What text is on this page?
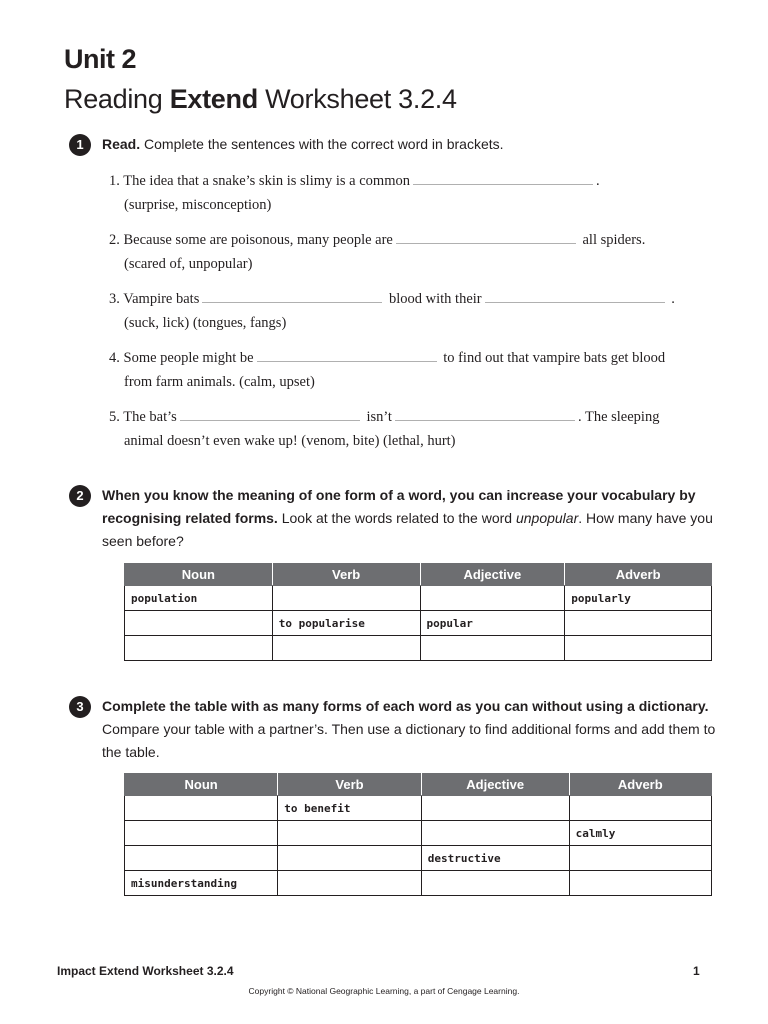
Unit 2
Reading Extend Worksheet 3.2.4
1	Read. Complete the sentences with the correct word in brackets.
1. The idea that a snake’s skin is slimy is a common	.
(surprise, misconception)
2. Because some are poisonous, many people are	all spiders.
(scared of, unpopular)
3. Vampire bats	blood with their	.
(suck, lick) (tongues, fangs)
4. Some people might be	to find out that vampire bats get blood
from farm animals. (calm, upset)
5. The bat’s	isn’t	. The sleeping
animal doesn’t even wake up! (venom, bite) (lethal, hurt)
2	When you know the meaning of one form of a word, you can increase your vocabulary by recognising related forms. Look at the words related to the word unpopular. How many have you seen before?
Noun	Verb	Adjective	Adverb
population			popularly
	to popularise	popular	

3	Complete the table with as many forms of each word as you can without using a dictionary. Compare your table with a partner’s. Then use a dictionary to find additional forms and add them to the table.
Noun	Verb	Adjective	Adverb
	to benefit		
			calmly
		destructive	
misunderstanding			
Impact Extend Worksheet 3.2.4	1
Copyright © National Geographic Learning, a part of Cengage Learning.
